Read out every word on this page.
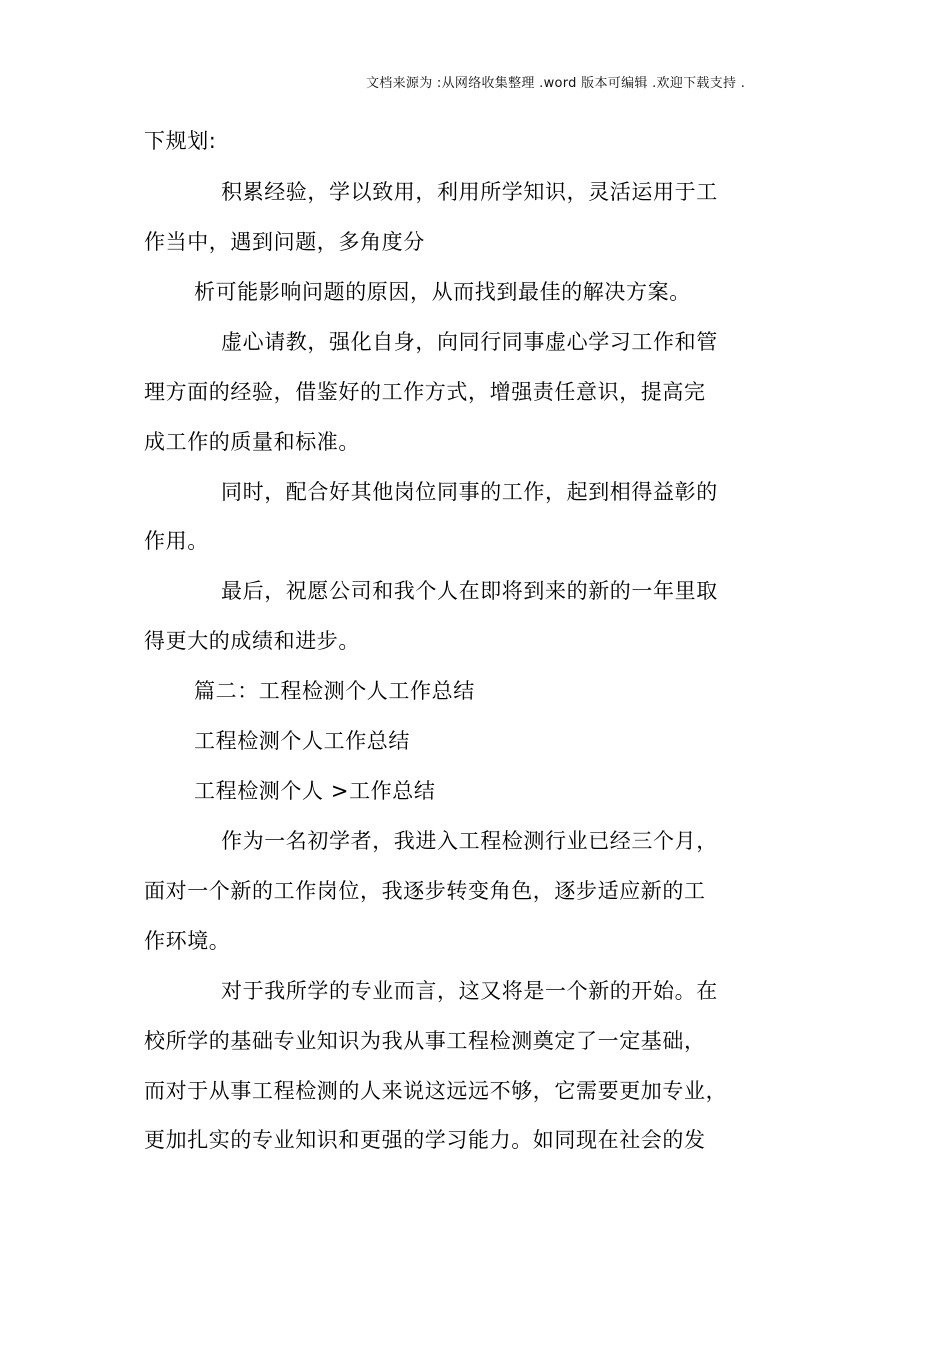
文档来源为 :从网络收集整理 .word 版本可编辑 .欢迎下载支持 .
下规划:
积累经验，学以致用，利用所学知识，灵活运用于工
作当中，遇到问题，多角度分
析可能影响问题的原因，从而找到最佳的解决方案。
虚心请教，强化自身，向同行同事虚心学习工作和管
理方面的经验，借鉴好的工作方式，增强责任意识，提高完
成工作的质量和标准。
同时，配合好其他岗位同事的工作，起到相得益彰的
作用。
最后，祝愿公司和我个人在即将到来的新的一年里取
得更大的成绩和进步。
篇二：工程检测个人工作总结
工程检测个人工作总结
工程检测个人 >工作总结
作为一名初学者，我进入工程检测行业已经三个月，
面对一个新的工作岗位，我逐步转变角色，逐步适应新的工
作环境。
对于我所学的专业而言，这又将是一个新的开始。在
校所学的基础专业知识为我从事工程检测奠定了一定基础，
而对于从事工程检测的人来说这远远不够，它需要更加专业，
更加扎实的专业知识和更强的学习能力。如同现在社会的发
